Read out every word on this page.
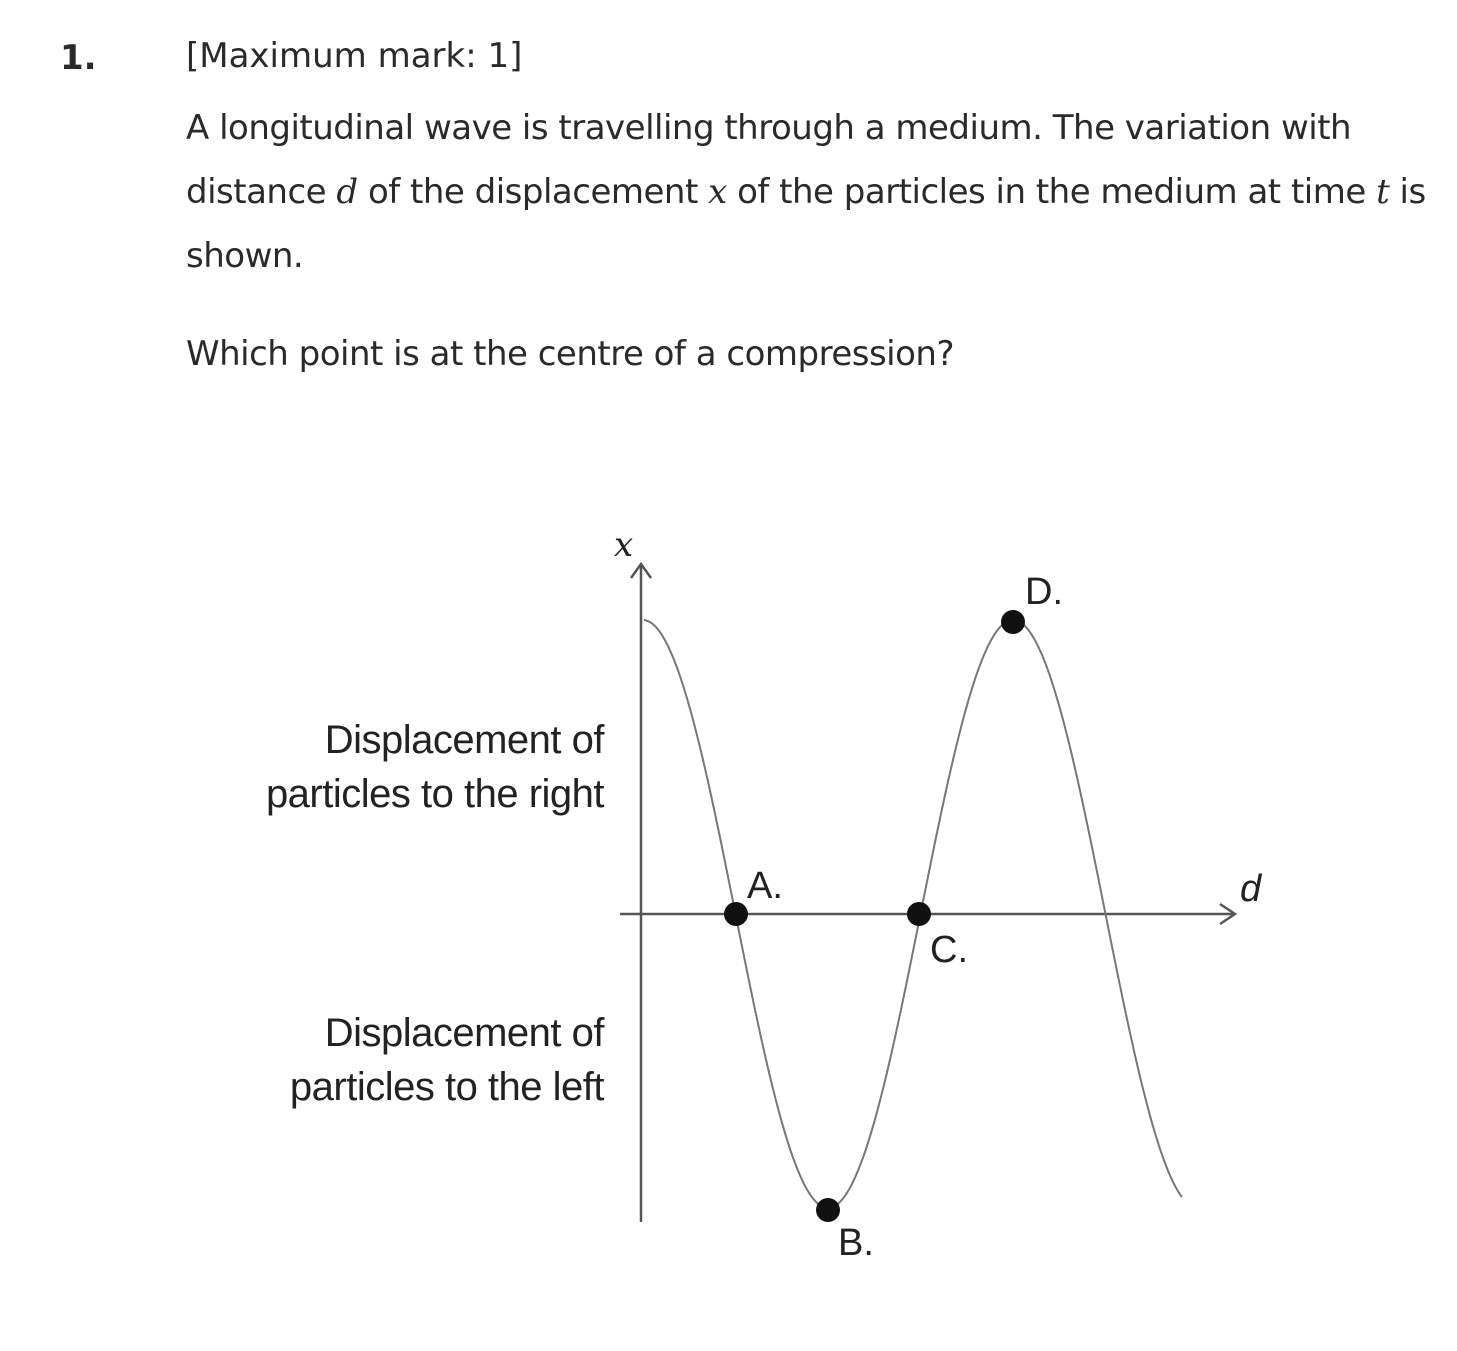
1.	[Maximum mark: 1]
A longitudinal wave is travelling through a medium. The variation with distance d of the displacement x of the particles in the medium at time t is shown.
Which point is at the centre of a compression?
Displacement of
particles to the right
Displacement of
particles to the left
x
d
A.
B.
C.
D.
